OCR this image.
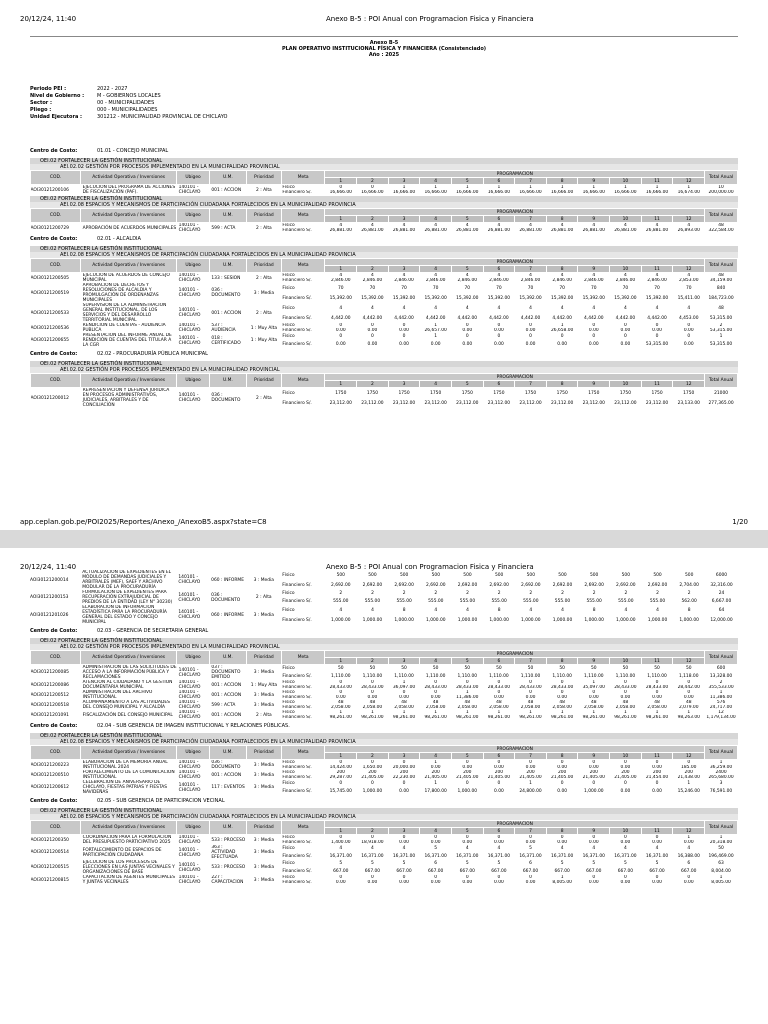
20/12/24, 11:40	Anexo B-5 : POI Anual con Programacion Fisica y Financiera
Anexo B-5
PLAN OPERATIVO INSTITUCIONAL FÍSICA Y FINANCIERA (Consistenciado)
Año : 2025
Periodo PEI :	2022 - 2027
Nivel de Gobierno :	M - GOBIERNOS LOCALES
Sector :	00 - MUNICIPALIDADES
Pliego :	000 - MUNICIPALIDADES
Unidad Ejecutora :	301212 - MUNICIPALIDAD PROVINCIAL DE CHICLAYO
Centro de Costo:	01.01 - CONCEJO MUNICIPAL
OEI.02 FORTALECER LA GESTIÓN INSTITUCIONAL
AEI.02.02 GESTIÓN POR PROCESOS IMPLEMENTADO EN LA MUNICIPALIDAD PROVINCIAL
COD.	Actividad Operativa / Inversiones	Ubigeo	U.M.	Prioridad	Meta	PROGRAMACION												Total Anual
						1	2	3	4	5	6	7	8	9	10	11	12	
AOI30121200106	EJECUCIÓN DEL PROGRAMA DE ACCIONES DE FISCALIZACIÓN (PAF).	140101 - CHICLAYO	001 : ACCION	2 : Alta	Físico	0	0	1	1	1	1	1	1	1	1	1	1	10
					Financiero S/.	16,666.00	16,666.00	16,666.00	16,666.00	16,666.00	16,666.00	16,666.00	16,666.00	16,666.00	16,666.00	16,666.00	16,674.00	200,000.00
OEI.02 FORTALECER LA GESTIÓN INSTITUCIONAL
AEI.02.08 ESPACIOS Y MECANISMOS DE PARTICIPACIÓN CIUDADANA FORTALECIDOS EN LA MUNICIPALIDAD PROVINCIA
COD.	Actividad Operativa / Inversiones	Ubigeo	U.M.	Prioridad	Meta	PROGRAMACION												Total Anual
						1	2	3	4	5	6	7	8	9	10	11	12	
AOI30121200729	APROBACIÓN DE ACUERDOS MUNICIPALES	140101 - CHICLAYO	599 : ACTA	2 : Alta	Físico	4	4	4	4	4	4	4	4	4	4	4	4	48
					Financiero S/.	26,881.00	26,881.00	26,881.00	26,881.00	26,881.00	26,881.00	26,881.00	26,881.00	26,881.00	26,881.00	26,881.00	26,893.00	322,584.00
Centro de Costo:	02.01 - ALCALDIA
OEI.02 FORTALECER LA GESTIÓN INSTITUCIONAL
AEI.02.08 ESPACIOS Y MECANISMOS DE PARTICIPACIÓN CIUDADANA FORTALECIDOS EN LA MUNICIPALIDAD PROVINCIA
COD.	Actividad Operativa / Inversiones	Ubigeo	U.M.	Prioridad	Meta	PROGRAMACION												Total Anual
						1	2	3	4	5	6	7	8	9	10	11	12	
AOI30121200505	EJECUCIÓN DE ACUERDOS DE CONCEJO MUNICIPAL	140101 - CHICLAYO	133 : SESION	2 : Alta	Físico	4	4	4	4	4	4	4	4	4	4	4	4	48
					Financiero S/.	2,846.00	2,846.00	2,846.00	2,846.00	2,846.00	2,846.00	2,846.00	2,846.00	2,846.00	2,846.00	2,846.00	2,853.00	34,159.00
AOI30121200519	APROBACIÓN DE DECRETOS Y RESOLUCIONES DE ALCALDIA Y PROMULGACIÓN DE ORDENANZAS MUNICIPALES	140101 - CHICLAYO	036 : DOCUMENTO	3 : Media	Físico	70	70	70	70	70	70	70	70	70	70	70	70	840
					Financiero S/.	15,392.00	15,392.00	15,392.00	15,392.00	15,392.00	15,392.00	15,392.00	15,392.00	15,392.00	15,392.00	15,392.00	15,411.00	184,723.00
AOI30121200533	SUPERVISIÓN DE LA ADMINISTRACIÓN GENERAL INSTITUCIONAL, DE LOS SERVICIOS Y DEL DESARROLLO TERRITORIAL MUNICIPAL	140101 - CHICLAYO	001 : ACCION	2 : Alta	Físico	4	4	4	4	4	4	4	4	4	4	4	4	48
					Financiero S/.	4,442.00	4,442.00	4,442.00	4,442.00	4,442.00	4,442.00	4,442.00	4,442.00	4,442.00	4,442.00	4,442.00	4,453.00	53,315.00
AOI30121200536	RENDICIÓN DE CUENTAS - AUDIENCIA PUBLICA	140101 - CHICLAYO	537 : AUDIENCIA	1 : Muy Alta	Físico	0	0	0	1	0	0	0	1	0	0	0	0	2
					Financiero S/.	0.00	0.00	0.00	26,657.00	0.00	0.00	0.00	26,658.00	0.00	0.00	0.00	0.00	53,315.00
AOI30121200655	PRESENTACIÓN DEL INFORME ANUAL DE RENDICIÓN DE CUENTAS DEL TITULAR A LA CGR	140101 - CHICLAYO	018 : CERTIFICADO	1 : Muy Alta	Físico	0	0	0	1	0	0	0	0	0	0	0	0	1
					Financiero S/.	0.00	0.00	0.00	0.00	0.00	0.00	0.00	0.00	0.00	0.00	53,315.00	0.00	53,315.00
Centro de Costo:	02.02 - PROCURADURÍA PÚBLICA MUNICIPAL
OEI.02 FORTALECER LA GESTIÓN INSTITUCIONAL
AEI.02.02 GESTIÓN POR PROCESOS IMPLEMENTADO EN LA MUNICIPALIDAD PROVINCIAL
COD.	Actividad Operativa / Inversiones	Ubigeo	U.M.	Prioridad	Meta	PROGRAMACION												Total Anual
						1	2	3	4	5	6	7	8	9	10	11	12	
AOI30121200012	REPRESENTACIÓN Y DEFENSA JURÍDICA EN PROCESOS ADMINISTRATIVOS, JUDICIALES, ARBITRALES Y DE CONCILIACIÓN	140101 - CHICLAYO	036 : DOCUMENTO	2 : Alta	Físico	1750	1750	1750	1750	1750	1750	1750	1750	1750	1750	1750	1750	21000
					Financiero S/.	23,112.00	23,112.00	23,112.00	23,112.00	23,112.00	23,112.00	23,112.00	23,112.00	23,112.00	23,112.00	23,112.00	23,133.00	277,365.00
app.ceplan.gob.pe/POI2025/Reportes/Anexo_/AnexoB5.aspx?state=C8	1/20
20/12/24, 11:40	Anexo B-5 : POI Anual con Programacion Fisica y Financiera
AOI30121200014	ACTUALIZACIÓN DE EXPEDIENTES EN EL MÓDULO DE DEMANDAS JUDICIALES Y ARBITRALES (MEF), SAEF Y ARCHIVO MODULAR DE LA PROCURADURÍA	140101 - CHICLAYO	060 : INFORME	3 : Media	Físico	500	500	500	500	500	500	500	500	500	500	500	500	6000
					Financiero S/.	2,692.00	2,692.00	2,692.00	2,692.00	2,692.00	2,692.00	2,692.00	2,692.00	2,692.00	2,692.00	2,692.00	2,704.00	32,316.00
AOI30121200153	FORMULACIÓN DE EXPEDIENTES PARA RECUPERACIÓN EXTRAJUDICIAL DE PREDIOS DE LA ENTIDAD (LEY N° 30230)	140101 - CHICLAYO	036 : DOCUMENTO	2 : Alta	Físico	2	2	2	2	2	2	2	2	2	2	2	2	24
					Financiero S/.	555.00	555.00	555.00	555.00	555.00	555.00	555.00	555.00	555.00	555.00	555.00	562.00	6,667.00
AOI30121201026	ELABORACIÓN DE INFORMACIÓN ESTADÍSTICA PARA LA PROCURADURÍA GENERAL DEL ESTADO Y CONCEJO MUNICIPAL	140101 - CHICLAYO	060 : INFORME	3 : Media	Físico	4	4	8	4	4	8	4	4	8	4	4	8	64
					Financiero S/.	1,000.00	1,000.00	1,000.00	1,000.00	1,000.00	1,000.00	1,000.00	1,000.00	1,000.00	1,000.00	1,000.00	1,000.00	12,000.00
Centro de Costo:	02.03 - GERENCIA DE SECRETARIA GENERAL
OEI.02 FORTALECER LA GESTIÓN INSTITUCIONAL
AEI.02.02 GESTIÓN POR PROCESOS IMPLEMENTADO EN LA MUNICIPALIDAD PROVINCIAL
COD.	Actividad Operativa / Inversiones	Ubigeo	U.M.	Prioridad	Meta	PROGRAMACION												Total Anual
						1	2	3	4	5	6	7	8	9	10	11	12	
AOI30121200085	ADMINISTRACIÓN DE LAS SOLICITUDES DE ACCESO A LA INFORMACIÓN PÚBLICA Y RECLAMACIONES	140101 - CHICLAYO	037 : DOCUMENTO EMITIDO	3 : Media	Físico	50	50	50	50	50	50	50	50	50	50	50	50	600
					Financiero S/.	1,110.00	1,110.00	1,110.00	1,110.00	1,110.00	1,110.00	1,110.00	1,110.00	1,110.00	1,110.00	1,110.00	1,118.00	13,328.00
AOI30121200086	ATENCIÓN AL CIUDADANO Y LA GESTIÓN DOCUMENTARIA MUNICIPAL	140101 - CHICLAYO	001 : ACCION	1 : Muy Alta	Físico	0	0	1	0	0	0	0	0	1	0	0	0	2
					Financiero S/.	28,433.00	28,433.00	36,097.00	28,433.00	28,433.00	28,433.00	28,433.00	28,433.00	35,097.00	28,433.00	28,433.00	28,442.00	355,533.00
AOI30121200512	ADMINISTRACIÓN DEL ARCHIVO INSTITUCIONAL	140101 - CHICLAYO	001 : ACCION	3 : Media	Físico	0	0	0	0	1	0	0	0	0	0	0	0	1
					Financiero S/.	0.00	0.00	0.00	0.00	11,386.00	0.00	0.00	0.00	0.00	0.00	0.00	0.00	11,386.00
AOI30121200518	ACOMPAÑAMIENTO A LAS ACTIVIDADES DEL CONSEJO MUNICIPAL Y ALCALDÍA	140101 - CHICLAYO	599 : ACTA	3 : Media	Físico	48	48	48	48	48	48	48	48	48	48	48	48	576
					Financiero S/.	2,058.00	2,058.00	2,058.00	2,058.00	2,058.00	2,058.00	2,058.00	2,058.00	2,058.00	2,058.00	2,058.00	2,079.00	24,717.00
AOI30121201091	FISCALIZACIÓN DEL CONSEJO MUNICIPAL	140101 - CHICLAYO	001 : ACCION	2 : Alta	Físico	1	1	1	1	1	1	1	1	1	1	1	1	12
					Financiero S/.	98,261.00	98,261.00	98,261.00	98,261.00	98,261.00	98,261.00	98,261.00	98,261.00	98,261.00	98,261.00	98,261.00	98,263.00	1,179,134.00
Centro de Costo:	02.04 - SUB GERENCIA DE IMAGEN INSTITUCIONAL Y RELACIONES PÚBLICAS.
OEI.02 FORTALECER LA GESTIÓN INSTITUCIONAL
AEI.02.08 ESPACIOS Y MECANISMOS DE PARTICIPACIÓN CIUDADANA FORTALECIDOS EN LA MUNICIPALIDAD PROVINCIA
COD.	Actividad Operativa / Inversiones	Ubigeo	U.M.	Prioridad	Meta	PROGRAMACION												Total Anual
						1	2	3	4	5	6	7	8	9	10	11	12	
AOI30121200223	ELABORACIÓN DE LA MEMORIA ANUAL INSTITUCIONAL 2024	140101 - CHICLAYO	036 : DOCUMENTO	3 : Media	Físico	0	0	0	1	0	0	0	0	0	0	0	0	1
					Financiero S/.	14,424.00	1,650.00	20,000.00	0.00	0.00	0.00	0.00	0.00	0.00	0.00	0.00	185.00	36,259.00
AOI30121200510	FORTALECIMIENTO DE LA COMUNICACIÓN INSTITUCIONAL	140101 - CHICLAYO	001 : ACCION	3 : Media	Físico	200	200	200	200	200	200	200	200	200	200	200	200	2400
					Financiero S/.	29,287.00	21,405.00	22,230.00	21,405.00	21,405.00	21,405.00	21,405.00	21,405.00	21,405.00	21,405.00	21,454.00	21,438.00	265,680.00
AOI30121200612	CELEBRACIÓN DE ANIVERSARIO DE CHICLAYO, FIESTAS PATRIAS Y FIESTAS NAVIDEÑAS	140101 - CHICLAYO	117 : EVENTOS	3 : Media	Físico	0	0	0	1	0	0	1	0	0	0	0	1	3
					Financiero S/.	15,745.00	1,000.00	0.00	17,800.00	1,000.00	0.00	24,800.00	0.00	1,000.00	0.00	0.00	15,246.00	76,591.00
Centro de Costo:	02.05 - SUB GERENCIA DE PARTICIPACION VECINAL
OEI.02 FORTALECER LA GESTIÓN INSTITUCIONAL
AEI.02.08 ESPACIOS Y MECANISMOS DE PARTICIPACIÓN CIUDADANA FORTALECIDOS EN LA MUNICIPALIDAD PROVINCIA
COD.	Actividad Operativa / Inversiones	Ubigeo	U.M.	Prioridad	Meta	PROGRAMACION												Total Anual
						1	2	3	4	5	6	7	8	9	10	11	12	
AOI30121200350	COORDINACIÓN PARA LA FORMULACIÓN DEL PRESUPUESTO PARTICIPATIVO 2025	140101 - CHICLAYO	533 : PROCESO	3 : Media	Físico	0	0	0	0	0	0	0	0	0	0	0	1	1
					Financiero S/.	1,400.00	18,918.00	0.00	0.00	0.00	0.00	0.00	0.00	0.00	0.00	0.00	0.00	20,318.00
AOI30121200514	FORTALECIMIENTO DE ESPACIOS DE PARTICIPACIÓN CIUDADANA	140101 - CHICLAYO	363 : ACTIVIDAD EFECTUADA	3 : Media	Físico	4	4	4	5	4	4	5	4	4	4	4	4	50
					Financiero S/.	16,371.00	16,371.00	16,371.00	16,371.00	16,371.00	16,371.00	16,371.00	16,371.00	16,371.00	16,371.00	16,371.00	16,388.00	196,469.00
AOI30121200515	EJECUCIÓN DE LOS PROCESOS DE ELECCIONES EN LAS JUNTAS VECINALES Y ORGANIZACIONES DE BASE	140101 - CHICLAYO	533 : PROCESO	3 : Media	Físico	5	5	5	6	5	5	6	5	5	5	5	6	63
					Financiero S/.	667.00	667.00	667.00	667.00	667.00	667.00	667.00	667.00	667.00	667.00	667.00	667.00	8,004.00
AOI30121200815	CAPACITACIÓN DE AGENTES MUNICIPALES Y JUNTAS VECINALES	140101 - CHICLAYO	227 : CAPACITACION	3 : Media	Físico	0	0	0	0	0	0	0	1	0	0	0	0	1
					Financiero S/.	0.00	0.00	0.00	0.00	0.00	0.00	0.00	8,005.00	0.00	0.00	0.00	0.00	8,005.00
